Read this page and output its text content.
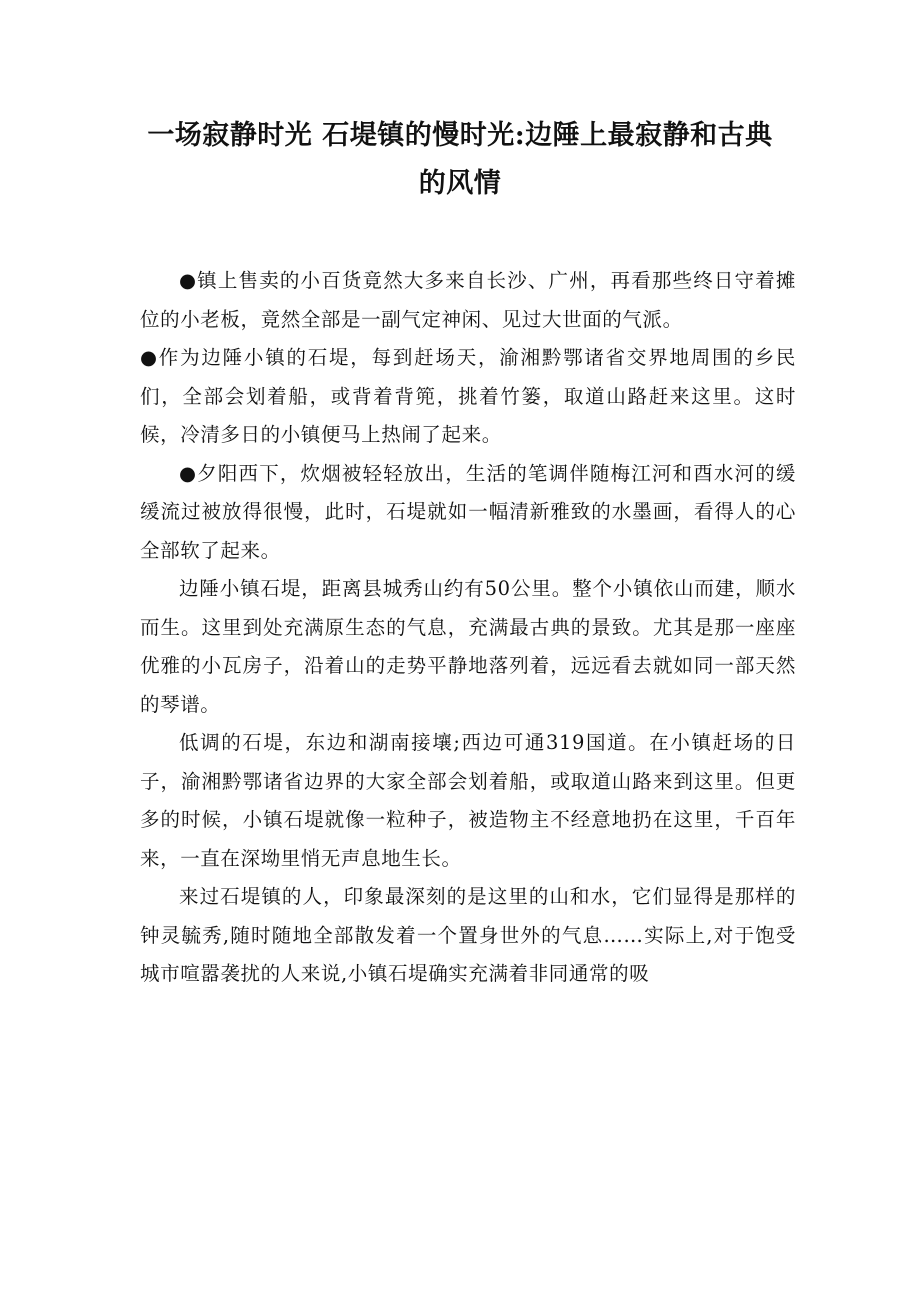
一场寂静时光 石堤镇的慢时光:边陲上最寂静和古典的风情

●镇上售卖的小百货竟然大多来自长沙、广州，再看那些终日守着摊位的小老板，竟然全部是一副气定神闲、见过大世面的气派。

●作为边陲小镇的石堤，每到赶场天，渝湘黔鄂诸省交界地周围的乡民们，全部会划着船，或背着背篼，挑着竹篓，取道山路赶来这里。这时候，冷清多日的小镇便马上热闹了起来。

●夕阳西下，炊烟被轻轻放出，生活的笔调伴随梅江河和酉水河的缓缓流过被放得很慢，此时，石堤就如一幅清新雅致的水墨画，看得人的心全部软了起来。

边陲小镇石堤，距离县城秀山约有50公里。整个小镇依山而建，顺水而生。这里到处充满原生态的气息，充满最古典的景致。尤其是那一座座优雅的小瓦房子，沿着山的走势平静地落列着，远远看去就如同一部天然的琴谱。

低调的石堤，东边和湖南接壤;西边可通319国道。在小镇赶场的日子，渝湘黔鄂诸省边界的大家全部会划着船，或取道山路来到这里。但更多的时候，小镇石堤就像一粒种子，被造物主不经意地扔在这里，千百年来，一直在深坳里悄无声息地生长。

来过石堤镇的人，印象最深刻的是这里的山和水，它们显得是那样的钟灵毓秀,随时随地全部散发着一个置身世外的气息……实际上,对于饱受城市喧嚣袭扰的人来说,小镇石堤确实充满着非同通常的吸
